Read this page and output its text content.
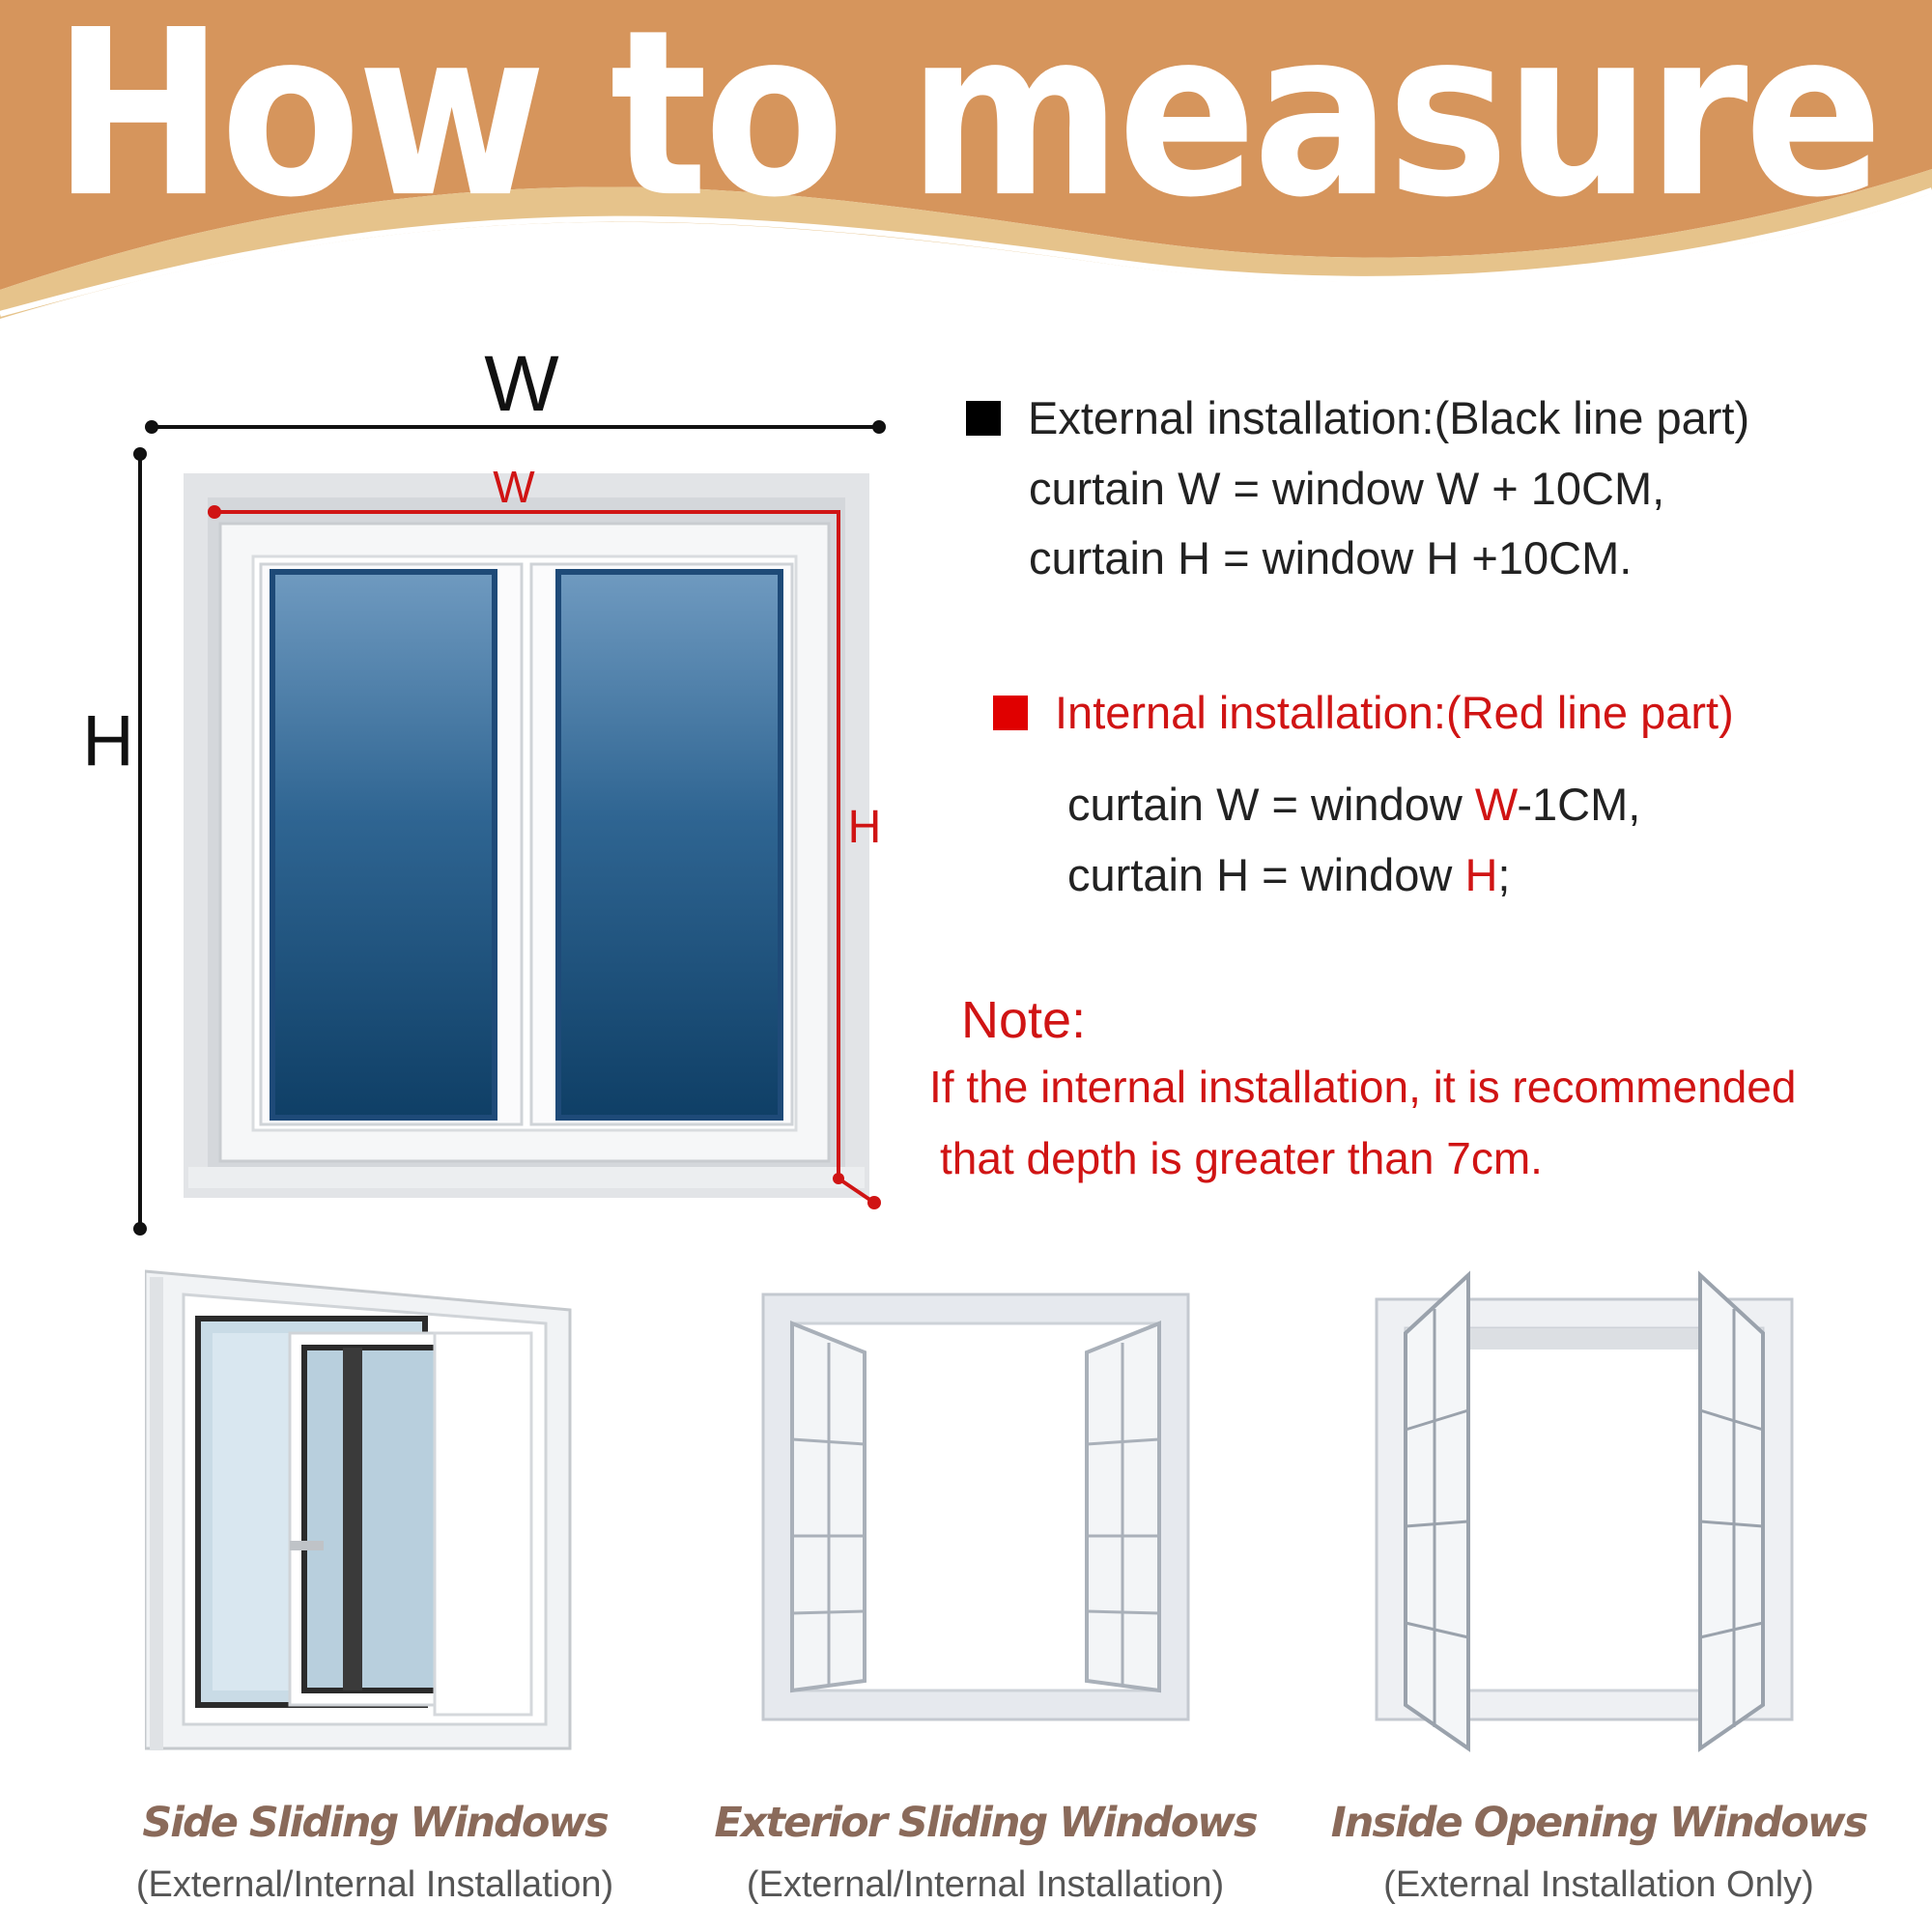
How to measure
W
H
W
H
External installation:(Black line part)
curtain W = window W + 10CM,
curtain H = window H +10CM.
Internal installation:(Red line part)
curtain W = window W-1CM,
curtain H = window H;
Note:
If the internal installation, it is recommended
that depth is greater than 7cm.
Side Sliding Windows
(External/Internal Installation)
Exterior Sliding Windows
(External/Internal Installation)
Inside Opening Windows
(External Installation Only)
